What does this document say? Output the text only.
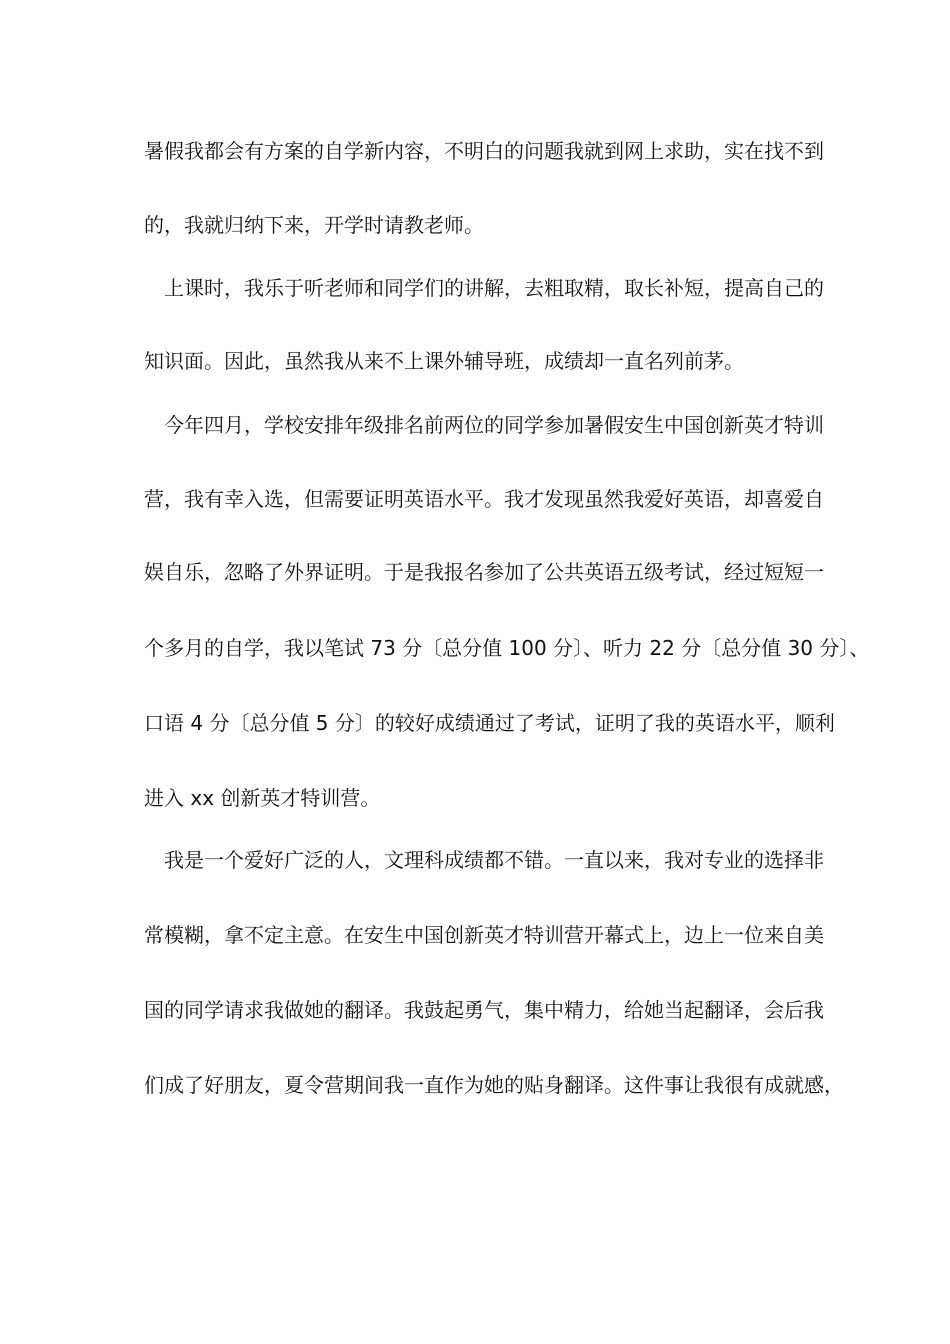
暑假我都会有方案的自学新内容，不明白的问题我就到网上求助，实在找不到

的，我就归纳下来，开学时请教老师。

上课时，我乐于听老师和同学们的讲解，去粗取精，取长补短，提高自己的

知识面。因此，虽然我从来不上课外辅导班，成绩却一直名列前茅。

今年四月，学校安排年级排名前两位的同学参加暑假安生中国创新英才特训

营，我有幸入选，但需要证明英语水平。我才发现虽然我爱好英语，却喜爱自

娱自乐，忽略了外界证明。于是我报名参加了公共英语五级考试，经过短短一

个多月的自学，我以笔试 73 分〔总分值 100 分〕、听力 22 分〔总分值 30 分〕、

口语 4 分〔总分值 5 分〕的较好成绩通过了考试，证明了我的英语水平，顺利

进入 xx 创新英才特训营。

我是一个爱好广泛的人，文理科成绩都不错。一直以来，我对专业的选择非

常模糊，拿不定主意。在安生中国创新英才特训营开幕式上，边上一位来自美

国的同学请求我做她的翻译。我鼓起勇气，集中精力，给她当起翻译，会后我

们成了好朋友，夏令营期间我一直作为她的贴身翻译。这件事让我很有成就感，
